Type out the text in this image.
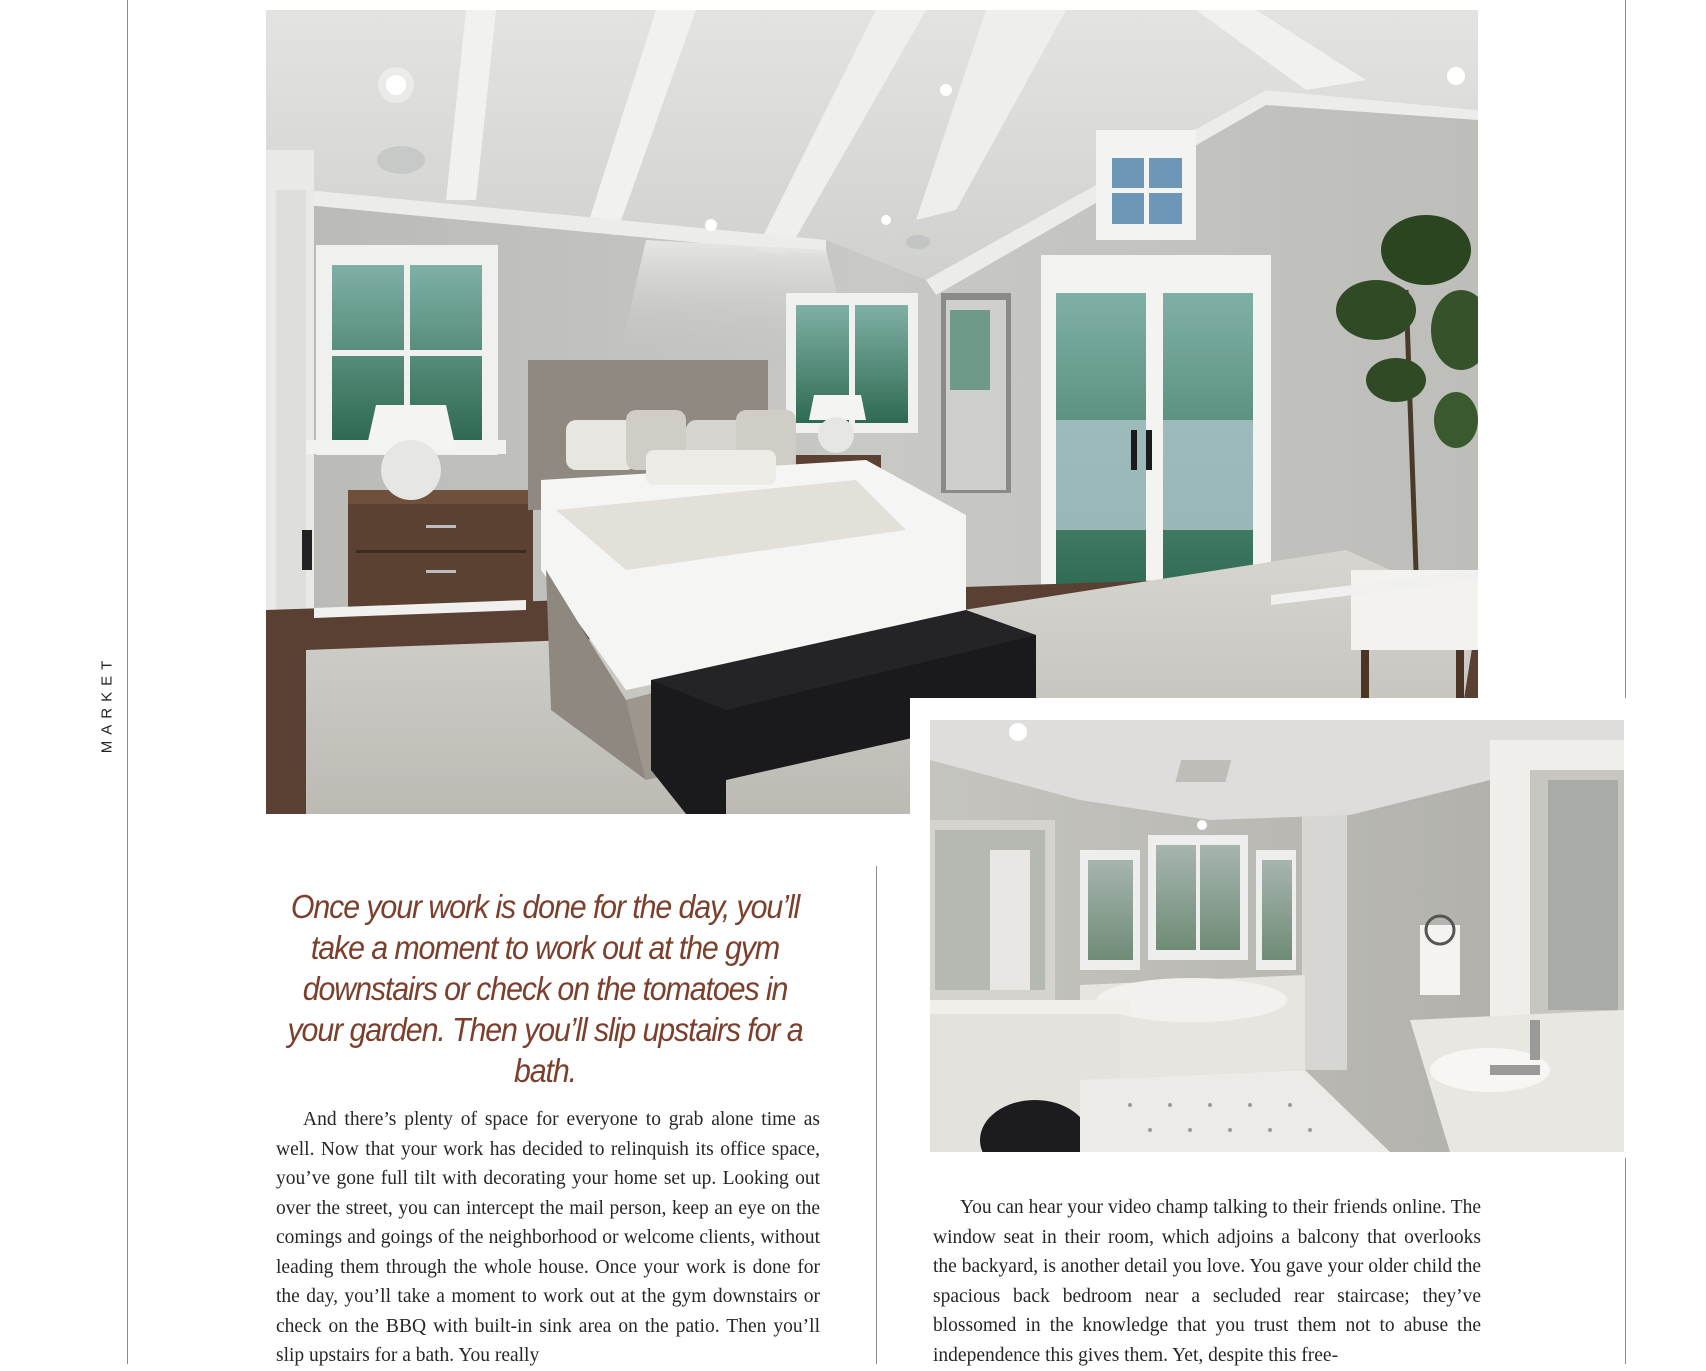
MARKET
Once your work is done for the day, you’ll take a moment to work out at the gym downstairs or check on the tomatoes in your garden. Then you’ll slip upstairs for a bath.

And there’s plenty of space for everyone to grab alone time as well. Now that your work has decided to relinquish its office space, you’ve gone full tilt with decorating your home set up. Looking out over the street, you can intercept the mail person, keep an eye on the comings and goings of the neighborhood or welcome clients, without leading them through the whole house. Once your work is done for the day, you’ll take a moment to work out at the gym downstairs or check on the BBQ with built-in sink area on the patio. Then you’ll slip upstairs for a bath. You really

You can hear your video champ talking to their friends online. The window seat in their room, which adjoins a balcony that overlooks the backyard, is another detail you love. You gave your older child the spacious back bedroom near a secluded rear staircase; they’ve blossomed in the knowledge that you trust them not to abuse the independence this gives them. Yet, despite this free-
